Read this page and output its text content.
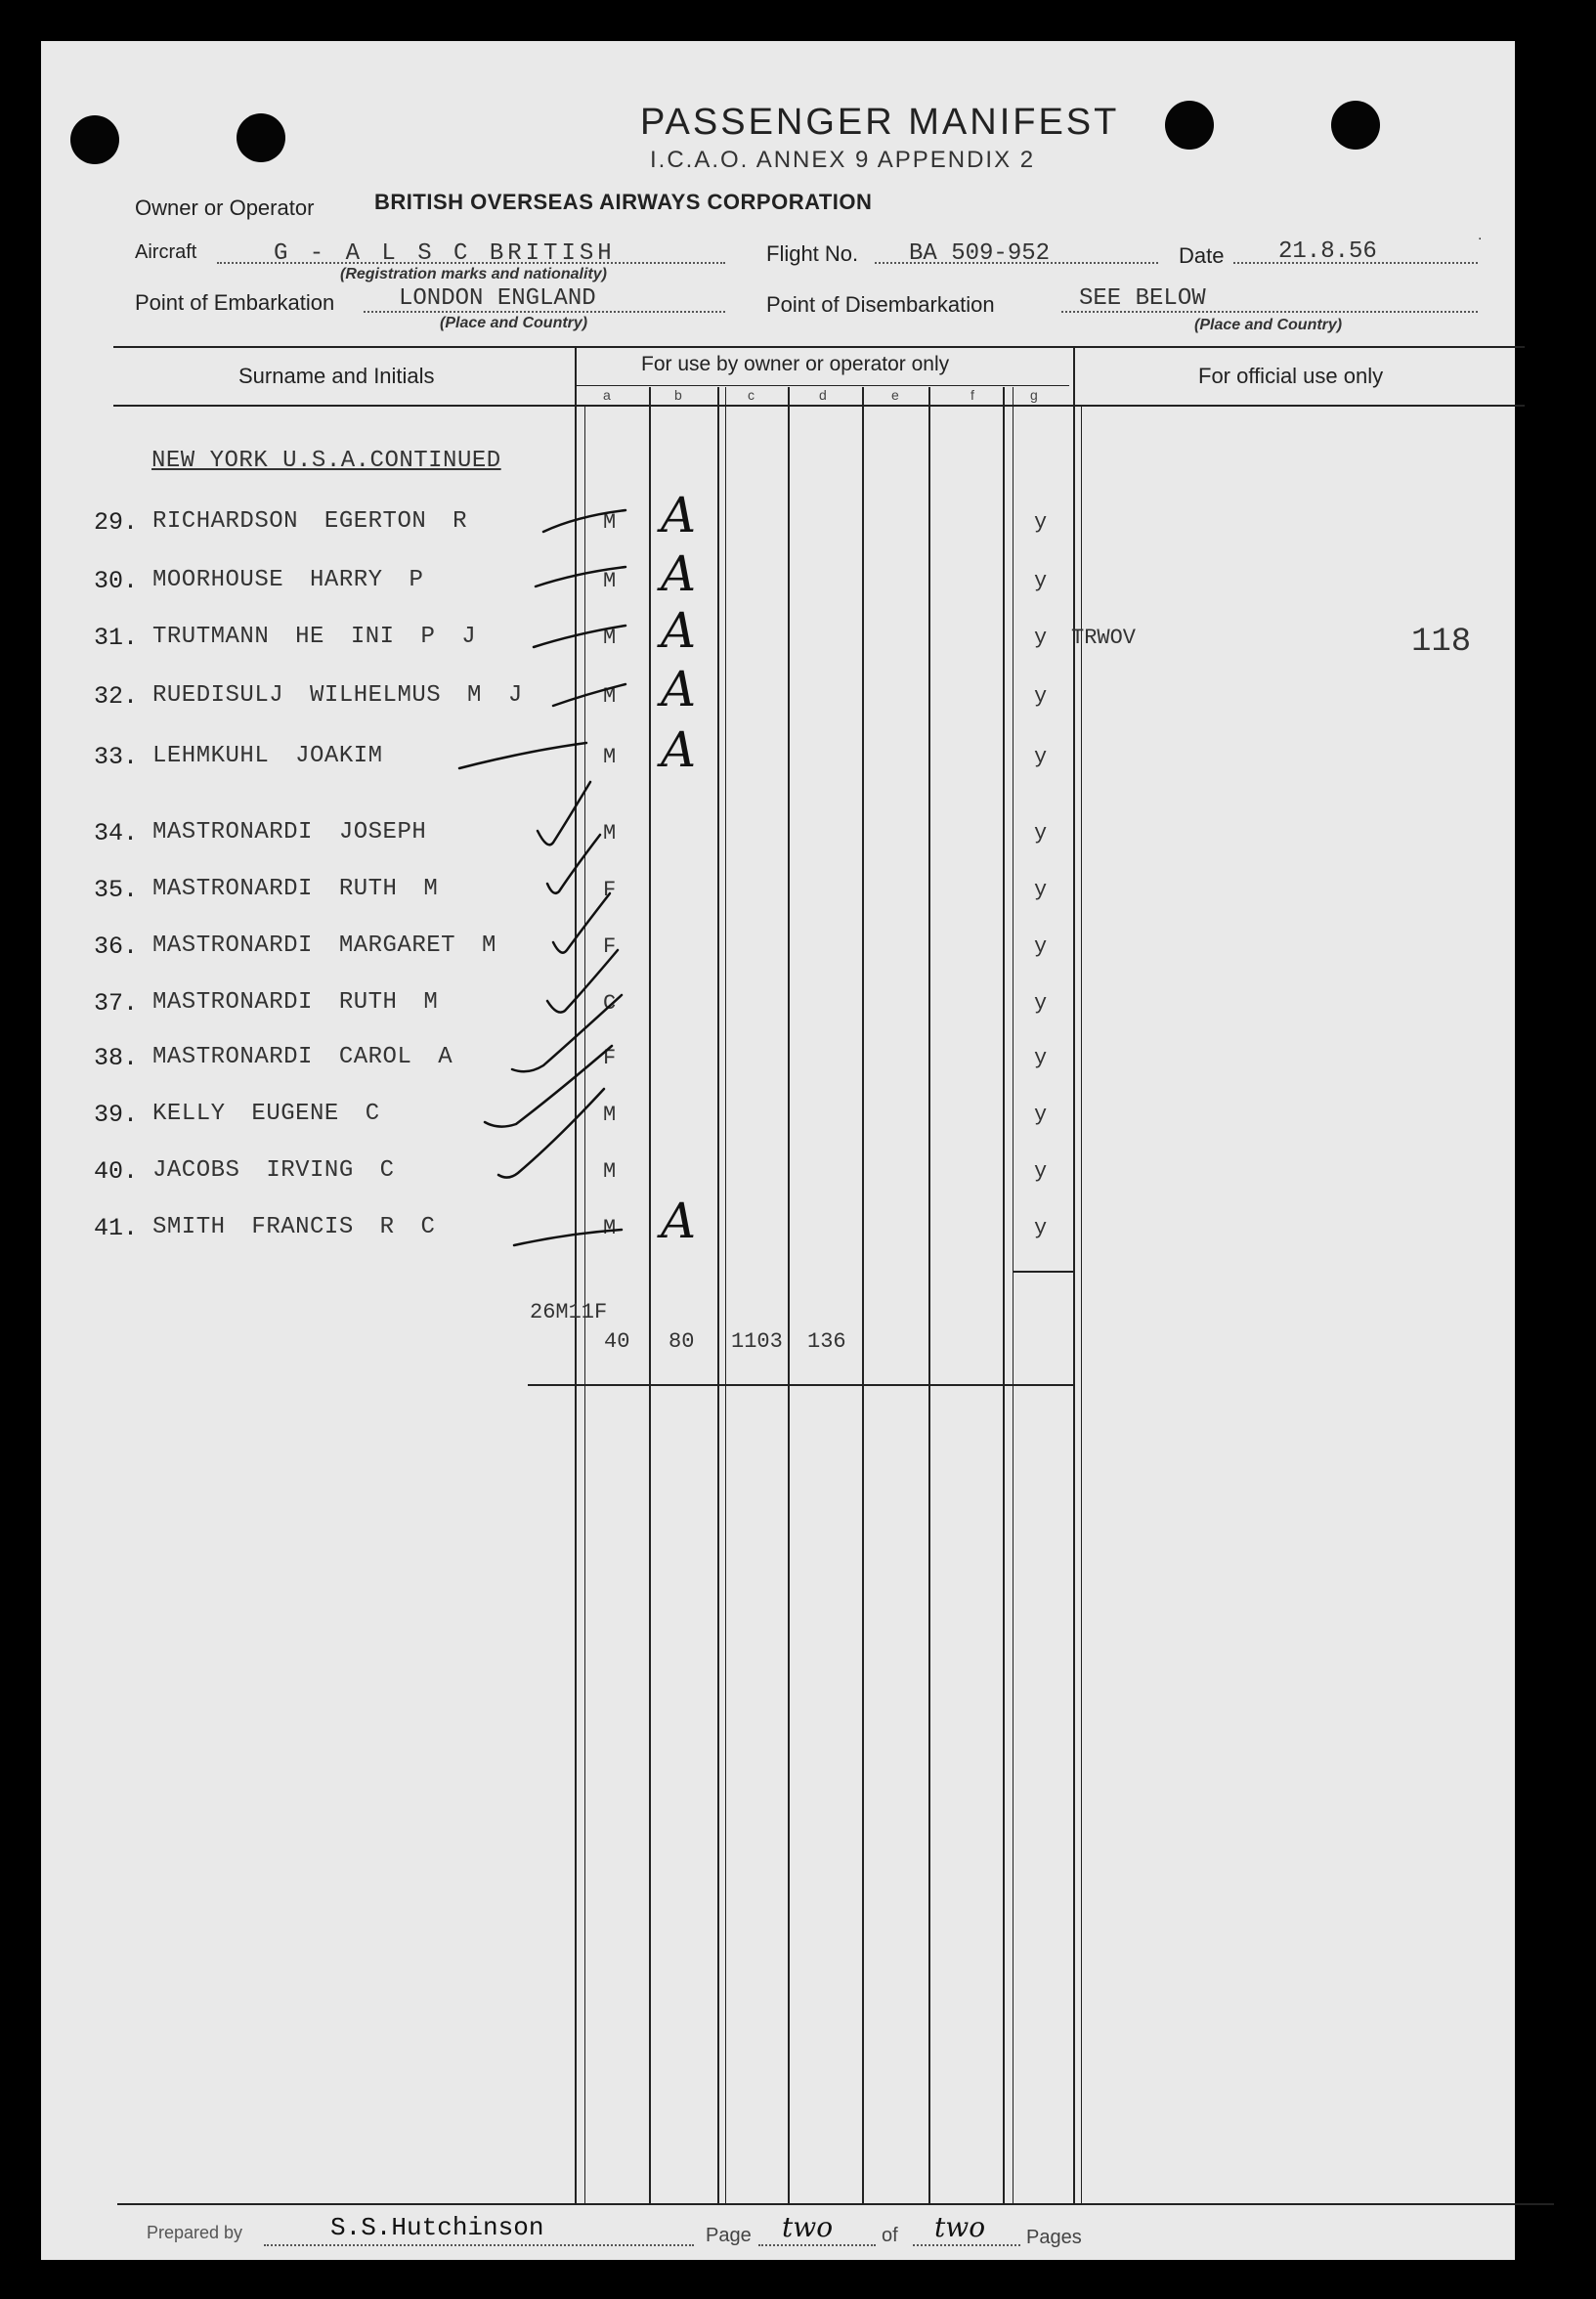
PASSENGER MANIFEST
I.C.A.O. ANNEX 9 APPENDIX 2
Owner or Operator	BRITISH OVERSEAS AIRWAYS CORPORATION
Aircraft	G - A L S C BRITISH
(Registration marks and nationality)
Flight No. BA 509-952	Date 21.8.56
.
Point of Embarkation	LONDON ENGLAND
(Place and Country)
Point of Disembarkation	SEE BELOW
(Place and Country)
Surname and Initials	For use by owner or operator only	For official use only
a	b	c	d	e	f	g
NEW YORK U.S.A.CONTINUED
29. RICHARDSON EGERTON R	M A	y
30. MOORHOUSE HARRY P	M A	y
31. TRUTMANN HE INI P J	M A	y TRWOV
32. RUEDISULJ WILHELMUS M J	M A	y
33. LEHMKUHL JOAKIM	M A	y
34. MASTRONARDI JOSEPH	M	y
35. MASTRONARDI RUTH M	F	y
36. MASTRONARDI MARGARET M	F	y
37. MASTRONARDI RUTH M	C	y
38. MASTRONARDI CAROL A	F	y
39. KELLY EUGENE C	M	y
40. JACOBS IRVING C	M	y
41. SMITH FRANCIS R C	M A	y
118
26M11F
40 80 1103 136
Prepared by	S.S.Hutchinson	Page two of two Pages
